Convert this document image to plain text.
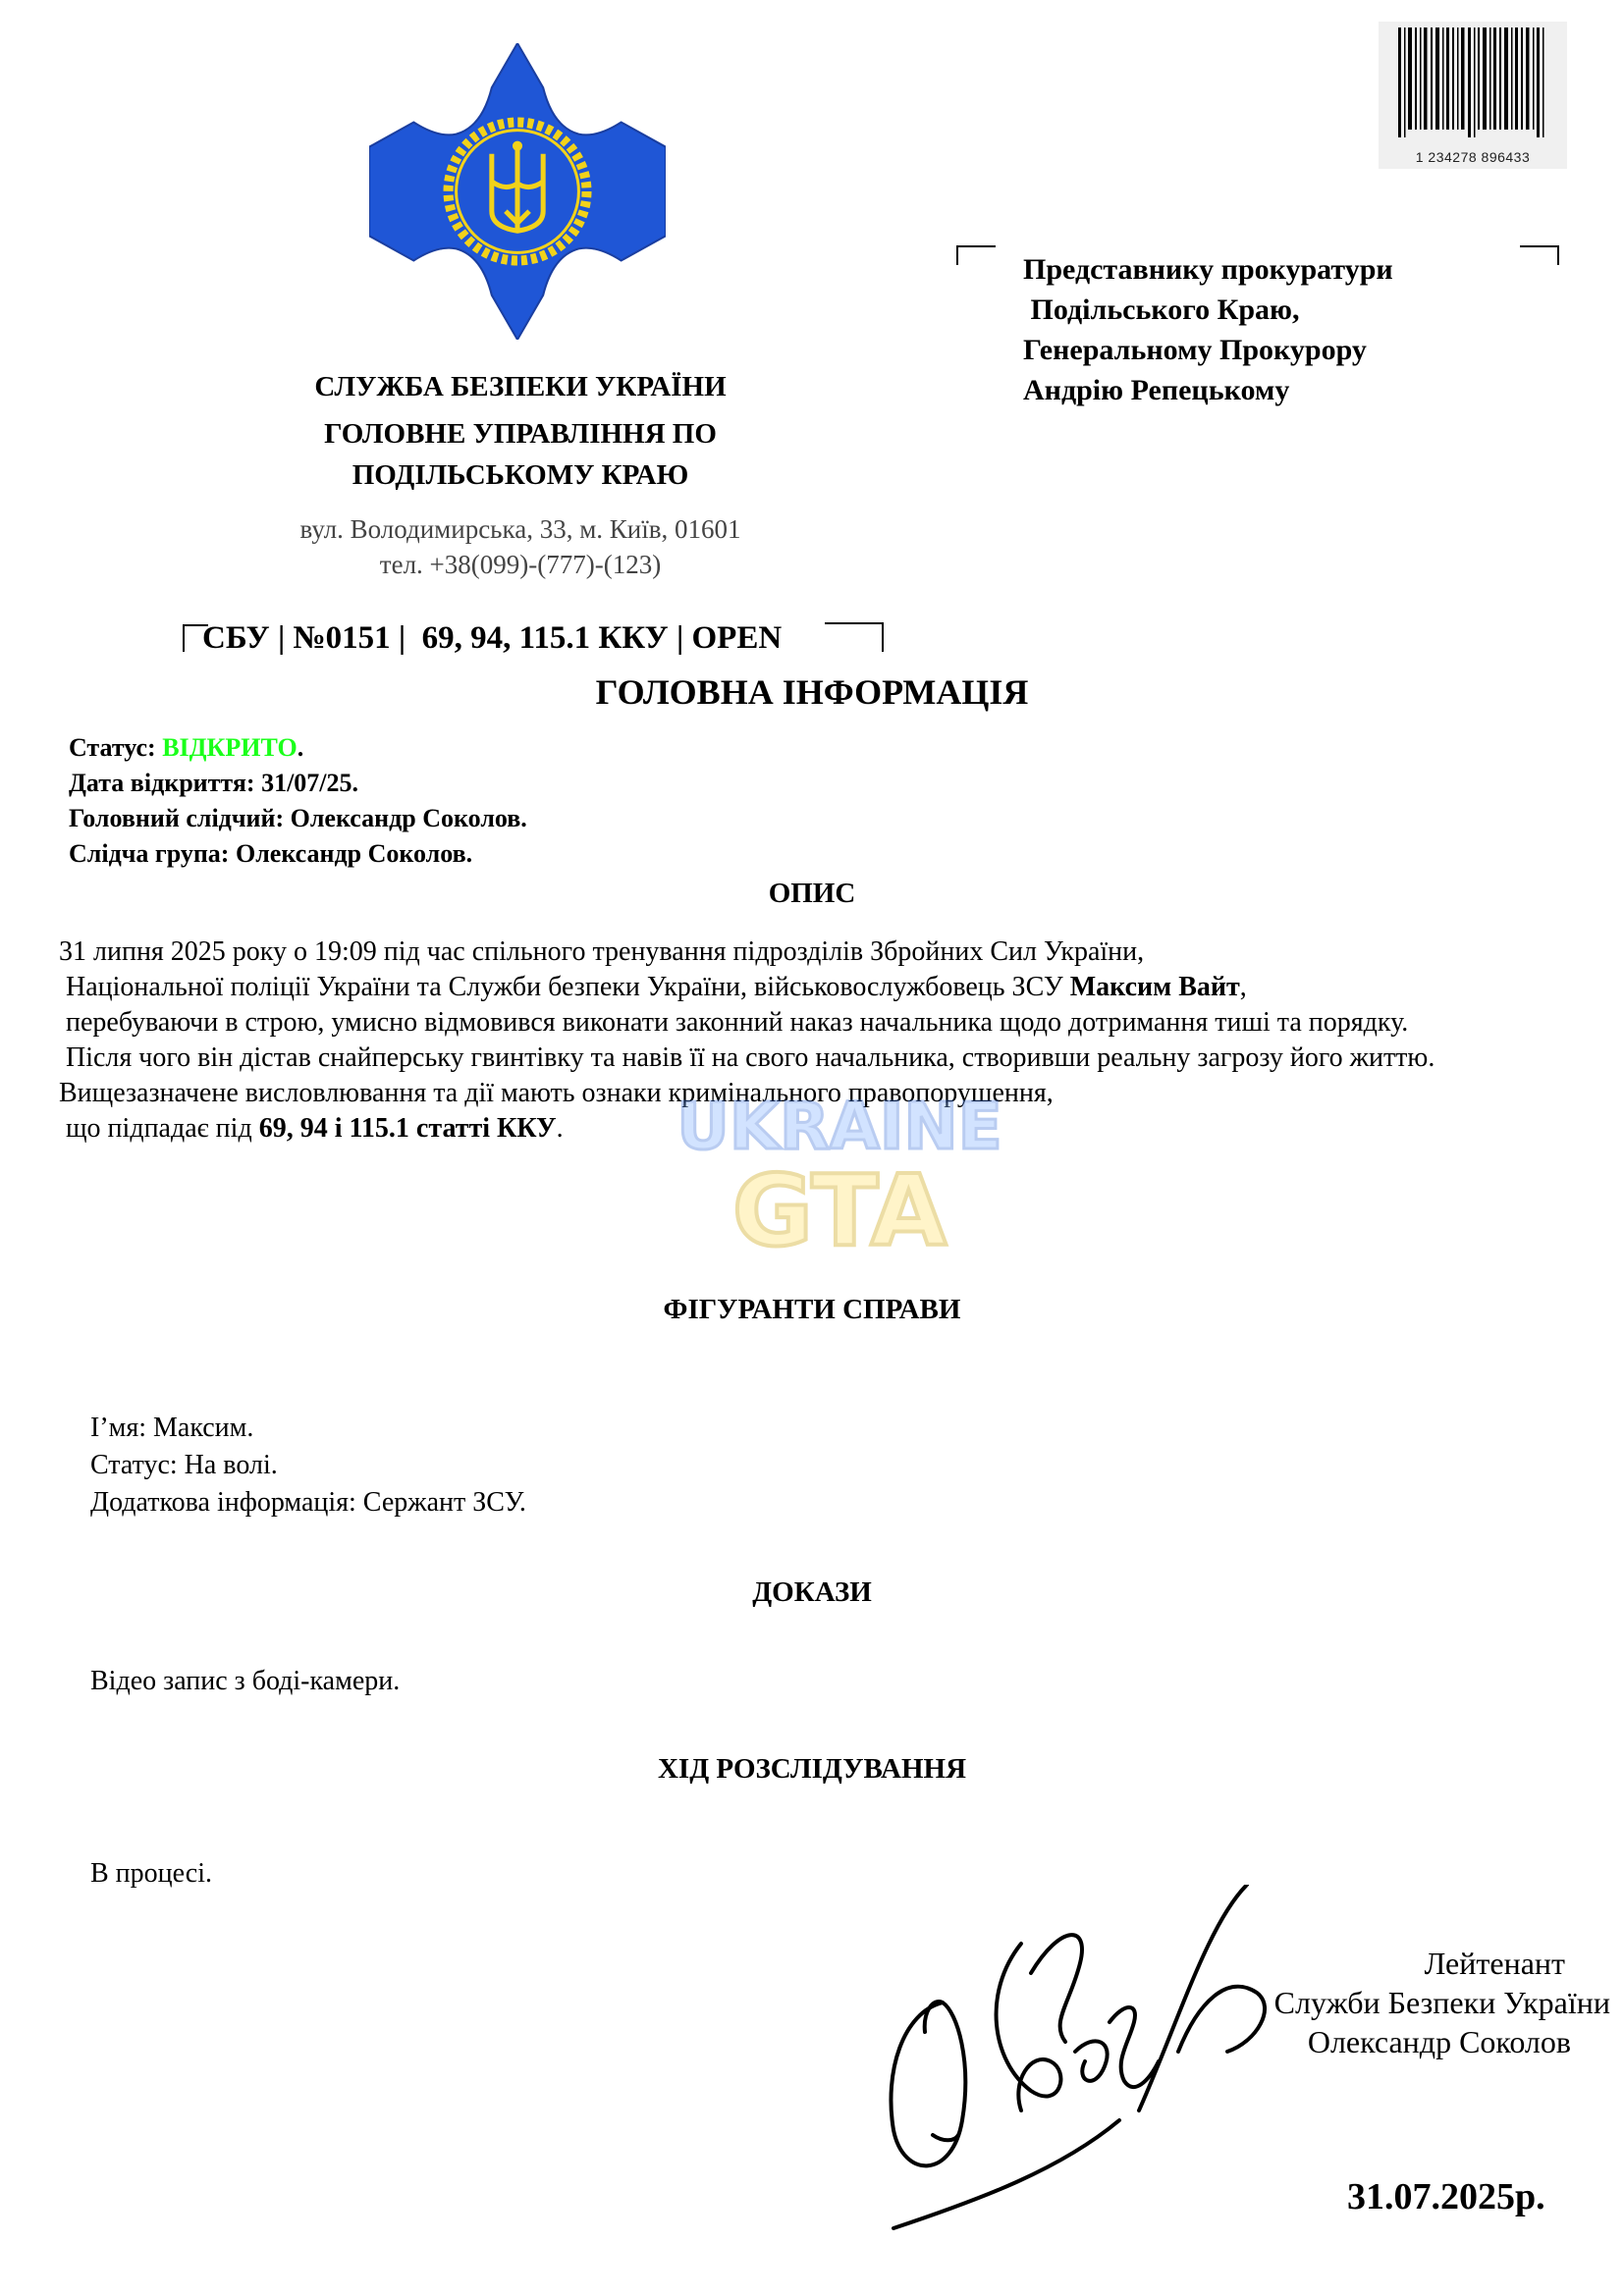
1 234278 896433
СЛУЖБА БЕЗПЕКИ УКРАЇНИ
ГОЛОВНЕ УПРАВЛІННЯ ПО
ПОДІЛЬСЬКОМУ КРАЮ
вул. Володимирська, 33, м. Київ, 01601
тел. +38(099)-(777)-(123)
Представнику прокуратури
Подільського Краю,
Генеральному Прокурору
Андрію Репецькому
СБУ | №0151 |  69, 94, 115.1 ККУ | OPEN
ГОЛОВНА ІНФОРМАЦІЯ
Статус: ВІДКРИТО.
Дата відкриття: 31/07/25.
Головний слідчий: Олександр Соколов.
Слідча група: Олександр Соколов.
ОПИС
31 липня 2025 року о 19:09 під час спільного тренування підрозділів Збройних Сил України,
Національної поліції України та Служби безпеки України, військовослужбовець ЗСУ Максим Вайт,
перебуваючи в строю, умисно відмовився виконати законний наказ начальника щодо дотримання тиші та порядку.
Після чого він дістав снайперську гвинтівку та навів її на свого начальника, створивши реальну загрозу його життю.
Вищезазначене висловлювання та дії мають ознаки кримінального правопорушення,
що підпадає під 69, 94 і 115.1 статті ККУ.	UKRAINE
GTA
ФІГУРАНТИ СПРАВИ
І’мя: Максим.
Статус: На волі.
Додаткова інформація: Сержант ЗСУ.
ДОКАЗИ
Відео запис з боді-камери.
ХІД РОЗСЛІДУВАННЯ
В процесі.
Лейтенант
Служби Безпеки України
Олександр Соколов
31.07.2025р.
